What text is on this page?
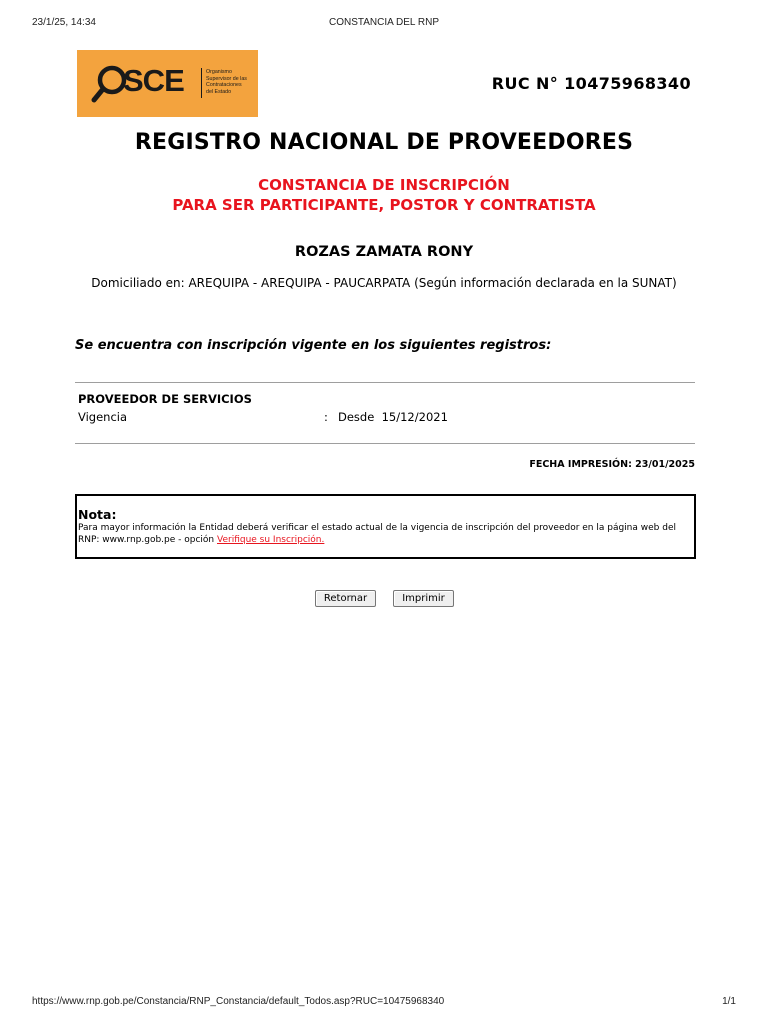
23/1/25, 14:34	CONSTANCIA DEL RNP
SCE	Organismo
Supervisor de las
Contrataciones
del Estado	RUC N° 10475968340
REGISTRO NACIONAL DE PROVEEDORES
CONSTANCIA DE INSCRIPCIÓN
PARA SER PARTICIPANTE, POSTOR Y CONTRATISTA
ROZAS ZAMATA RONY
Domiciliado en: AREQUIPA - AREQUIPA - PAUCARPATA (Según información declarada en la SUNAT)
Se encuentra con inscripción vigente en los siguientes registros:
PROVEEDOR DE SERVICIOS
Vigencia	: Desde  15/12/2021
FECHA IMPRESIÓN: 23/01/2025
Nota:
Para mayor información la Entidad deberá verificar el estado actual de la vigencia de inscripción del proveedor en la página web del RNP: www.rnp.gob.pe - opción Verifique su Inscripción.
Retornar	Imprimir
https://www.rnp.gob.pe/Constancia/RNP_Constancia/default_Todos.asp?RUC=10475968340	1/1
